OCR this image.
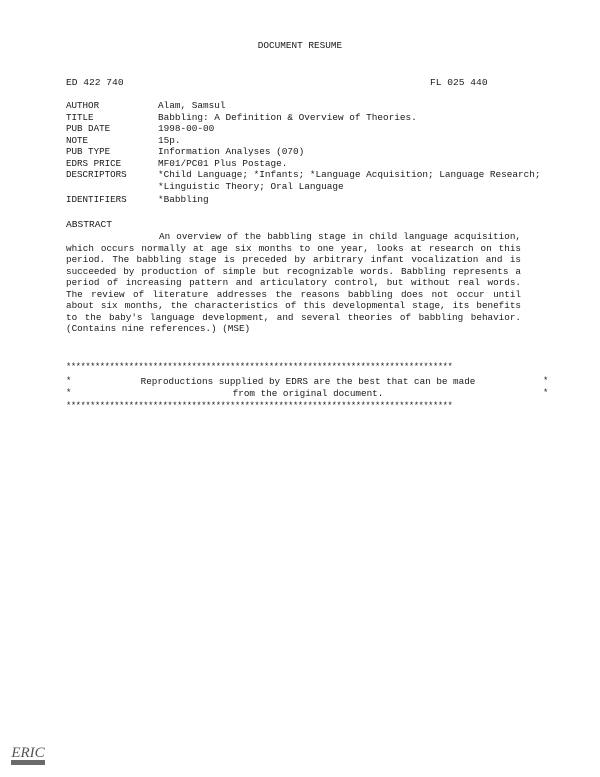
DOCUMENT RESUME
ED 422 740	FL 025 440
AUTHOR	Alam, Samsul
TITLE	Babbling: A Definition & Overview of Theories.
PUB DATE	1998-00-00
NOTE	15p.
PUB TYPE	Information Analyses (070)
EDRS PRICE	MF01/PC01 Plus Postage.
DESCRIPTORS	*Child Language; *Infants; *Language Acquisition; Language Research; *Linguistic Theory; Oral Language
IDENTIFIERS	*Babbling
ABSTRACT
An overview of the babbling stage in child language acquisition, which occurs normally at age six months to one year, looks at research on this period. The babbling stage is preceded by arbitrary infant vocalization and is succeeded by production of simple but recognizable words. Babbling represents a period of increasing pattern and articulatory control, but without real words. The review of literature addresses the reasons babbling does not occur until about six months, the characteristics of this developmental stage, its benefits to the baby's language development, and several theories of babbling behavior. (Contains nine references.) (MSE)
********************************************************************************
*	*
Reproductions supplied by EDRS are the best that can be made
*	*
from the original document.
********************************************************************************
ERIC
